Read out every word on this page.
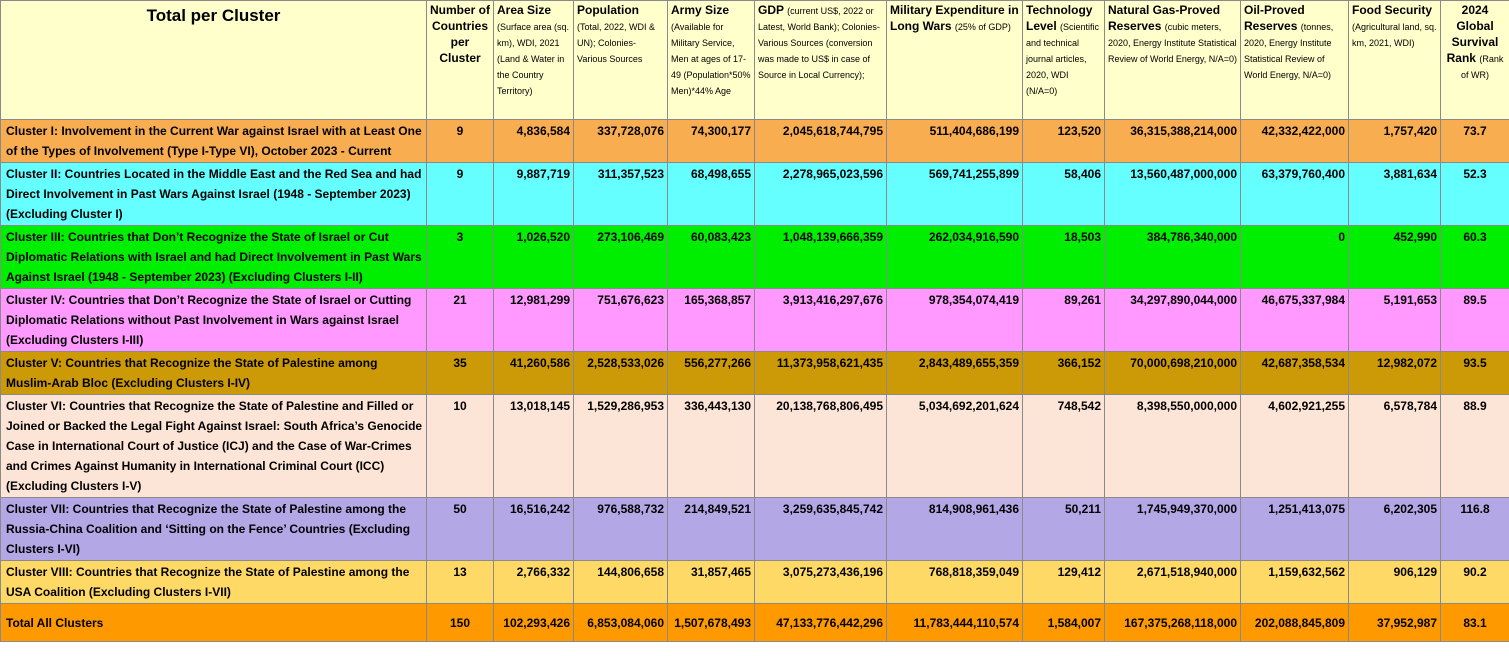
Total per Cluster	Number of Countries per Cluster	Area Size (Surface area (sq. km), WDI, 2021 (Land & Water in the Country Territory)	Population (Total, 2022, WDI & UN); Colonies-Various Sources	Army Size (Available for Military Service, Men at ages of 17-49 (Population*50% Men)*44% Age	GDP (current US$, 2022 or Latest, World Bank); Colonies-Various Sources (conversion was made to US$ in case of Source in Local Currency);	Military Expenditure in Long Wars (25% of GDP)	Technology Level (Scientific and technical journal articles, 2020, WDI (N/A=0)	Natural Gas-Proved Reserves (cubic meters, 2020, Energy Institute Statistical Review of World Energy, N/A=0)	Oil-Proved Reserves (tonnes, 2020, Energy Institute Statistical Review of World Energy, N/A=0)	Food Security (Agricultural land, sq. km, 2021, WDI)	2024 Global Survival Rank (Rank of WR)
Cluster I: Involvement in the Current War against Israel with at Least One of the Types of Involvement (Type I-Type VI), October 2023 - Current	9	4,836,584	337,728,076	74,300,177	2,045,618,744,795	511,404,686,199	123,520	36,315,388,214,000	42,332,422,000	1,757,420	73.7
Cluster II: Countries Located in the Middle East and the Red Sea and had Direct Involvement in Past Wars Against Israel (1948 - September 2023) (Excluding Cluster I)	9	9,887,719	311,357,523	68,498,655	2,278,965,023,596	569,741,255,899	58,406	13,560,487,000,000	63,379,760,400	3,881,634	52.3
Cluster III: Countries that Don’t Recognize the State of Israel or Cut Diplomatic Relations with Israel and had Direct Involvement in Past Wars Against Israel (1948 - September 2023) (Excluding Clusters I-II)	3	1,026,520	273,106,469	60,083,423	1,048,139,666,359	262,034,916,590	18,503	384,786,340,000	0	452,990	60.3
Cluster IV: Countries that Don’t Recognize the State of Israel or Cutting Diplomatic Relations without Past Involvement in Wars against Israel (Excluding Clusters I-III)	21	12,981,299	751,676,623	165,368,857	3,913,416,297,676	978,354,074,419	89,261	34,297,890,044,000	46,675,337,984	5,191,653	89.5
Cluster V: Countries that Recognize the State of Palestine among Muslim-Arab Bloc (Excluding Clusters I-IV)	35	41,260,586	2,528,533,026	556,277,266	11,373,958,621,435	2,843,489,655,359	366,152	70,000,698,210,000	42,687,358,534	12,982,072	93.5
Cluster VI: Countries that Recognize the State of Palestine and Filled or Joined or Backed the Legal Fight Against Israel: South Africa’s Genocide Case in International Court of Justice (ICJ) and the Case of War-Crimes and Crimes Against Humanity in International Criminal Court (ICC) (Excluding Clusters I-V)	10	13,018,145	1,529,286,953	336,443,130	20,138,768,806,495	5,034,692,201,624	748,542	8,398,550,000,000	4,602,921,255	6,578,784	88.9
Cluster VII: Countries that Recognize the State of Palestine among the Russia-China Coalition and ‘Sitting on the Fence’ Countries (Excluding Clusters I-VI)	50	16,516,242	976,588,732	214,849,521	3,259,635,845,742	814,908,961,436	50,211	1,745,949,370,000	1,251,413,075	6,202,305	116.8
Cluster VIII: Countries that Recognize the State of Palestine among the USA Coalition (Excluding Clusters I-VII)	13	2,766,332	144,806,658	31,857,465	3,075,273,436,196	768,818,359,049	129,412	2,671,518,940,000	1,159,632,562	906,129	90.2
Total All Clusters	150	102,293,426	6,853,084,060	1,507,678,493	47,133,776,442,296	11,783,444,110,574	1,584,007	167,375,268,118,000	202,088,845,809	37,952,987	83.1
